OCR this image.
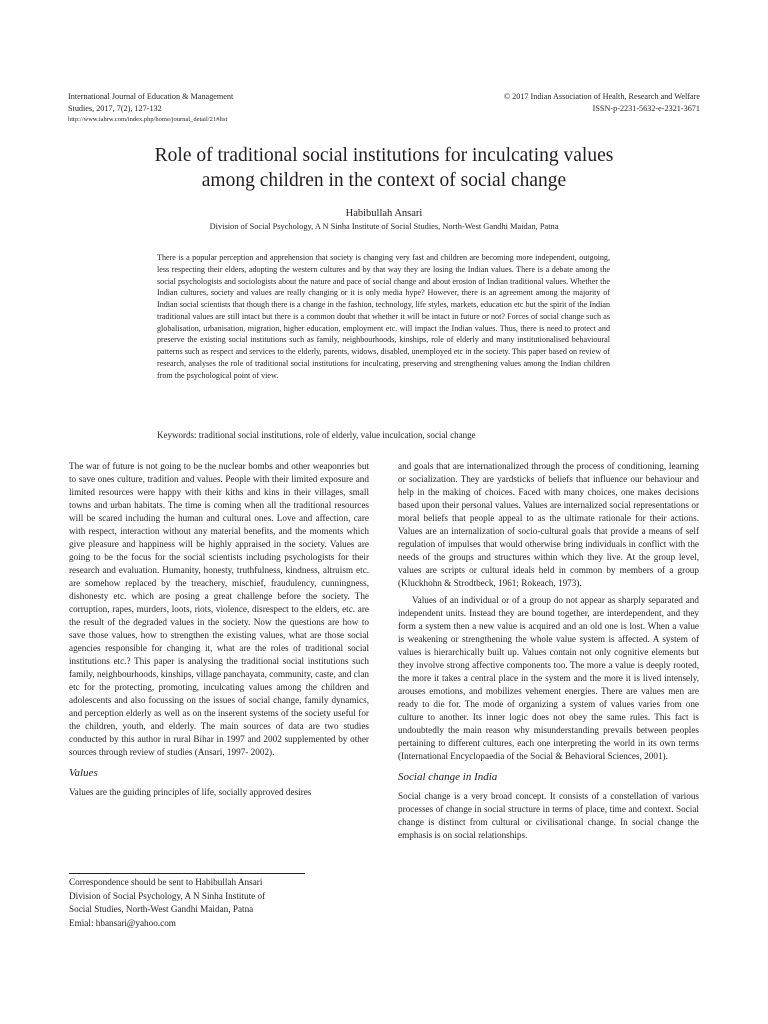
International Journal of Education & Management
Studies, 2017, 7(2), 127-132
http://www.iahrw.com/index.php/home/journal_detail/21#list
© 2017 Indian Association of Health, Research and Welfare
ISSN-p-2231-5632-e-2321-3671
Role of traditional social institutions for inculcating values
among children in the context of social change
Habibullah Ansari
Division of Social Psychology, A N Sinha Institute of Social Studies, North-West Gandhi Maidan, Patna
There is a popular perception and apprehension that society is changing very fast and children are becoming more independent, outgoing, less respecting their elders, adopting the western cultures and by that way they are losing the Indian values. There is a debate among the social psychologists and sociologists about the nature and pace of social change and about erosion of Indian traditional values. Whether the Indian cultures, society and values are really changing or it is only media hype? However, there is an agreement among the majority of Indian social scientists that though there is a change in the fashion, technology, life styles, markets, education etc but the spirit of the Indian traditional values are still intact but there is a common doubt that whether it will be intact in future or not? Forces of social change such as globalisation, urbanisation, migration, higher education, employment etc. will impact the Indian values. Thus, there is need to protect and preserve the existing social institutions such as family, neighbourhoods, kinships, role of elderly and many institutionalised behavioural patterns such as respect and services to the elderly, parents, widows, disabled, unemployed etc in the society. This paper based on review of research, analyses the role of traditional social institutions for inculcating, preserving and strengthening values among the Indian children from the psychological point of view.
Keywords: traditional social institutions, role of elderly, value inculcation, social change

The war of future is not going to be the nuclear bombs and other weaponries but to save ones culture, tradition and values. People with their limited exposure and limited resources were happy with their kiths and kins in their villages, small towns and urban habitats. The time is coming when all the traditional resources will be scared including the human and cultural ones. Love and affection, care with respect, interaction without any material benefits, and the moments which give pleasure and happiness will be highly appraised in the society. Values are going to be the focus for the social scientists including psychologists for their research and evaluation. Humanity, honesty, truthfulness, kindness, altruism etc. are somehow replaced by the treachery, mischief, fraudulency, cunningness, dishonesty etc. which are posing a great challenge before the society. The corruption, rapes, murders, loots, riots, violence, disrespect to the elders, etc. are the result of the degraded values in the society. Now the questions are how to save those values, how to strengthen the existing values, what are those social agencies responsible for changing it, what are the roles of traditional social institutions etc.? This paper is analysing the traditional social institutions such family, neighbourhoods, kinships, village panchayata, community, caste, and clan etc for the protecting, promoting, inculcating values among the children and adolescents and also focussing on the issues of social change, family dynamics, and perception elderly as well as on the inserent systems of the society useful for the children, youth, and elderly. The main sources of data are two studies conducted by this author in rural Bihar in 1997 and 2002 supplemented by other sources through review of studies (Ansari, 1997- 2002).

Values

Values are the guiding principles of life, socially approved desires

Correspondence should be sent to Habibullah Ansari
Division of Social Psychology, A N Sinha Institute of
Social Studies, North-West Gandhi Maidan, Patna
Emial: hbansari@yahoo.com

and goals that are internationalized through the process of conditioning, learning or socialization. They are yardsticks of beliefs that influence our behaviour and help in the making of choices. Faced with many choices, one makes decisions based upon their personal values. Values are internalized social representations or moral beliefs that people appeal to as the ultimate rationale for their actions. Values are an internalization of socio-cultural goals that provide a means of self regulation of impulses that would otherwise bring individuals in conflict with the needs of the groups and structures within which they live. At the group level, values are scripts or cultural ideals held in common by members of a group (Kluckhohn & Strodtbeck, 1961; Rokeach, 1973).

Values of an individual or of a group do not appear as sharply separated and independent units. Instead they are bound together, are interdependent, and they form a system then a new value is acquired and an old one is lost. When a value is weakening or strengthening the whole value system is affected. A system of values is hierarchically built up. Values contain not only cognitive elements but they involve strong affective components too. The more a value is deeply rooted, the more it takes a central place in the system and the more it is lived intensely, arouses emotions, and mobilizes vehement energies. There are values men are ready to die for. The mode of organizing a system of values varies from one culture to another. Its inner logic does not obey the same rules. This fact is undoubtedly the main reason why misunderstanding prevails between peoples pertaining to different cultures, each one interpreting the world in its own terms (International Encyclopaedia of the Social & Behavioral Sciences, 2001).

Social change in India

Social change is a very broad concept. It consists of a constellation of various processes of change in social structure in terms of place, time and context. Social change is distinct from cultural or civilisational change. In social change the emphasis is on social relationships.
